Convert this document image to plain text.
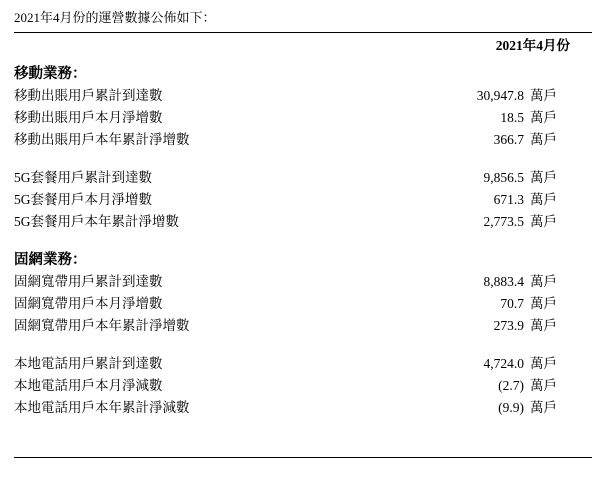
2021年4月份的運營數據公佈如下：
2021年4月份
移動業務：
移動出賬用戶累計到達數	30,947.8 萬戶
移動出賬用戶本月淨增數	18.5 萬戶
移動出賬用戶本年累計淨增數	366.7 萬戶
5G套餐用戶累計到達數	9,856.5 萬戶
5G套餐用戶本月淨增數	671.3 萬戶
5G套餐用戶本年累計淨增數	2,773.5 萬戶
固網業務：
固網寬帶用戶累計到達數	8,883.4 萬戶
固網寬帶用戶本月淨增數	70.7 萬戶
固網寬帶用戶本年累計淨增數	273.9 萬戶
本地電話用戶累計到達數	4,724.0 萬戶
本地電話用戶本月淨減數	(2.7) 萬戶
本地電話用戶本年累計淨減數	(9.9) 萬戶
